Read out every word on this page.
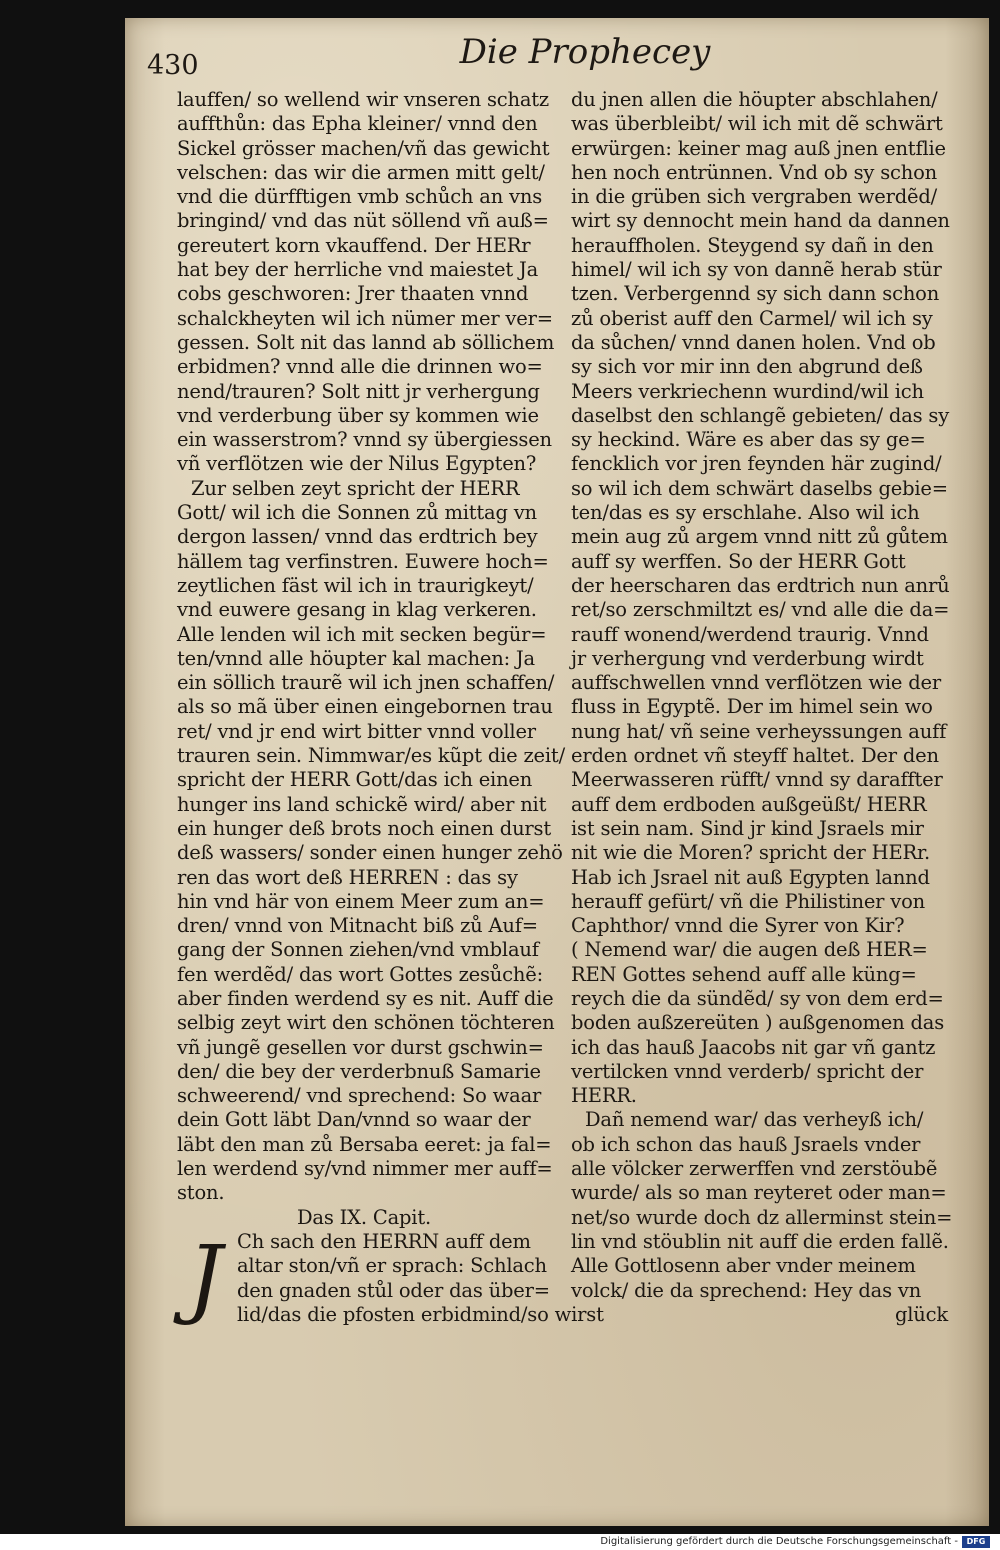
430	Die Prophecey
lauffen/ so wellend wir vnseren schatz
auffthůn: das Epha kleiner/ vnnd den
Sickel grösser machen/vñ das gewicht
velschen: das wir die armen mitt gelt/
vnd die dürfftigen vmb schůch an vns
bringind/ vnd das nüt söllend vñ auß=
gereutert korn vkauffend. Der HERr
hat bey der herrliche vnd maiestet Ja
cobs geschworen: Jrer thaaten vnnd
schalckheyten wil ich nümer mer ver=
gessen. Solt nit das lannd ab söllichem
erbidmen? vnnd alle die drinnen wo=
nend/trauren? Solt nitt jr verhergung
vnd verderbung über sy kommen wie
ein wasserstrom? vnnd sy übergiessen
vñ verflötzen wie der Nilus Egypten?
Zur selben zeyt spricht der HERR
Gott/ wil ich die Sonnen zů mittag vn
dergon lassen/ vnnd das erdtrich bey
hällem tag verfinstren. Euwere hoch=
zeytlichen fäst wil ich in traurigkeyt/
vnd euwere gesang in klag verkeren.
Alle lenden wil ich mit secken begür=
ten/vnnd alle höupter kal machen: Ja
ein söllich traurẽ wil ich jnen schaffen/
als so mã über einen eingebornen trau
ret/ vnd jr end wirt bitter vnnd voller
trauren sein. Nimmwar/es kũpt die zeit/
spricht der HERR Gott/das ich einen
hunger ins land schickẽ wird/ aber nit
ein hunger deß brots noch einen durst
deß wassers/ sonder einen hunger zehö
ren das wort deß HERREN : das sy
hin vnd här von einem Meer zum an=
dren/ vnnd von Mitnacht biß zů Auf=
gang der Sonnen ziehen/vnd vmblauf
fen werdẽd/ das wort Gottes zesůchẽ:
aber finden werdend sy es nit. Auff die
selbig zeyt wirt den schönen töchteren
vñ jungẽ gesellen vor durst gschwin=
den/ die bey der verderbnuß Samarie
schweerend/ vnd sprechend: So waar
dein Gott läbt Dan/vnnd so waar der
läbt den man zů Bersaba eeret: ja fal=
len werdend sy/vnd nimmer mer auff=
ston.
Das IX. Capit.
J Ch sach den HERRN auff dem
altar ston/vñ er sprach: Schlach
den gnaden stůl oder das über=
lid/das die pfosten erbidmind/so wirst
du jnen allen die höupter abschlahen/
was überbleibt/ wil ich mit dẽ schwärt
erwürgen: keiner mag auß jnen entflie
hen noch entrünnen. Vnd ob sy schon
in die grüben sich vergraben werdẽd/
wirt sy dennocht mein hand da dannen
herauffholen. Steygend sy dañ in den
himel/ wil ich sy von dannẽ herab stür
tzen. Verbergennd sy sich dann schon
zů oberist auff den Carmel/ wil ich sy
da sůchen/ vnnd danen holen. Vnd ob
sy sich vor mir inn den abgrund deß
Meers verkriechenn wurdind/wil ich
daselbst den schlangẽ gebieten/ das sy
sy heckind. Wäre es aber das sy ge=
fencklich vor jren feynden här zugind/
so wil ich dem schwärt daselbs gebie=
ten/das es sy erschlahe. Also wil ich
mein aug zů argem vnnd nitt zů gůtem
auff sy werffen. So der HERR Gott
der heerscharen das erdtrich nun anrů
ret/so zerschmiltzt es/ vnd alle die da=
rauff wonend/werdend traurig. Vnnd
jr verhergung vnd verderbung wirdt
auffschwellen vnnd verflötzen wie der
fluss in Egyptẽ. Der im himel sein wo
nung hat/ vñ seine verheyssungen auff
erden ordnet vñ steyff haltet. Der den
Meerwasseren rüfft/ vnnd sy daraffter
auff dem erdboden außgeüßt/ HERR
ist sein nam. Sind jr kind Jsraels mir
nit wie die Moren? spricht der HERr.
Hab ich Jsrael nit auß Egypten lannd
herauff gefürt/ vñ die Philistiner von
Caphthor/ vnnd die Syrer von Kir?
( Nemend war/ die augen deß HER=
REN Gottes sehend auff alle küng=
reych die da sündẽd/ sy von dem erd=
boden außzereüten ) außgenomen das
ich das hauß Jaacobs nit gar vñ gantz
vertilcken vnnd verderb/ spricht der
HERR.
Dañ nemend war/ das verheyß ich/
ob ich schon das hauß Jsraels vnder
alle völcker zerwerffen vnd zerstöubẽ
wurde/ als so man reyteret oder man=
net/so wurde doch dz allerminst stein=
lin vnd stöublin nit auff die erden fallẽ.
Alle Gottlosenn aber vnder meinem
volck/ die da sprechend: Hey das vn
glück
Digitalisierung gefördert durch die Deutsche Forschungsgemeinschaft -	DFG
